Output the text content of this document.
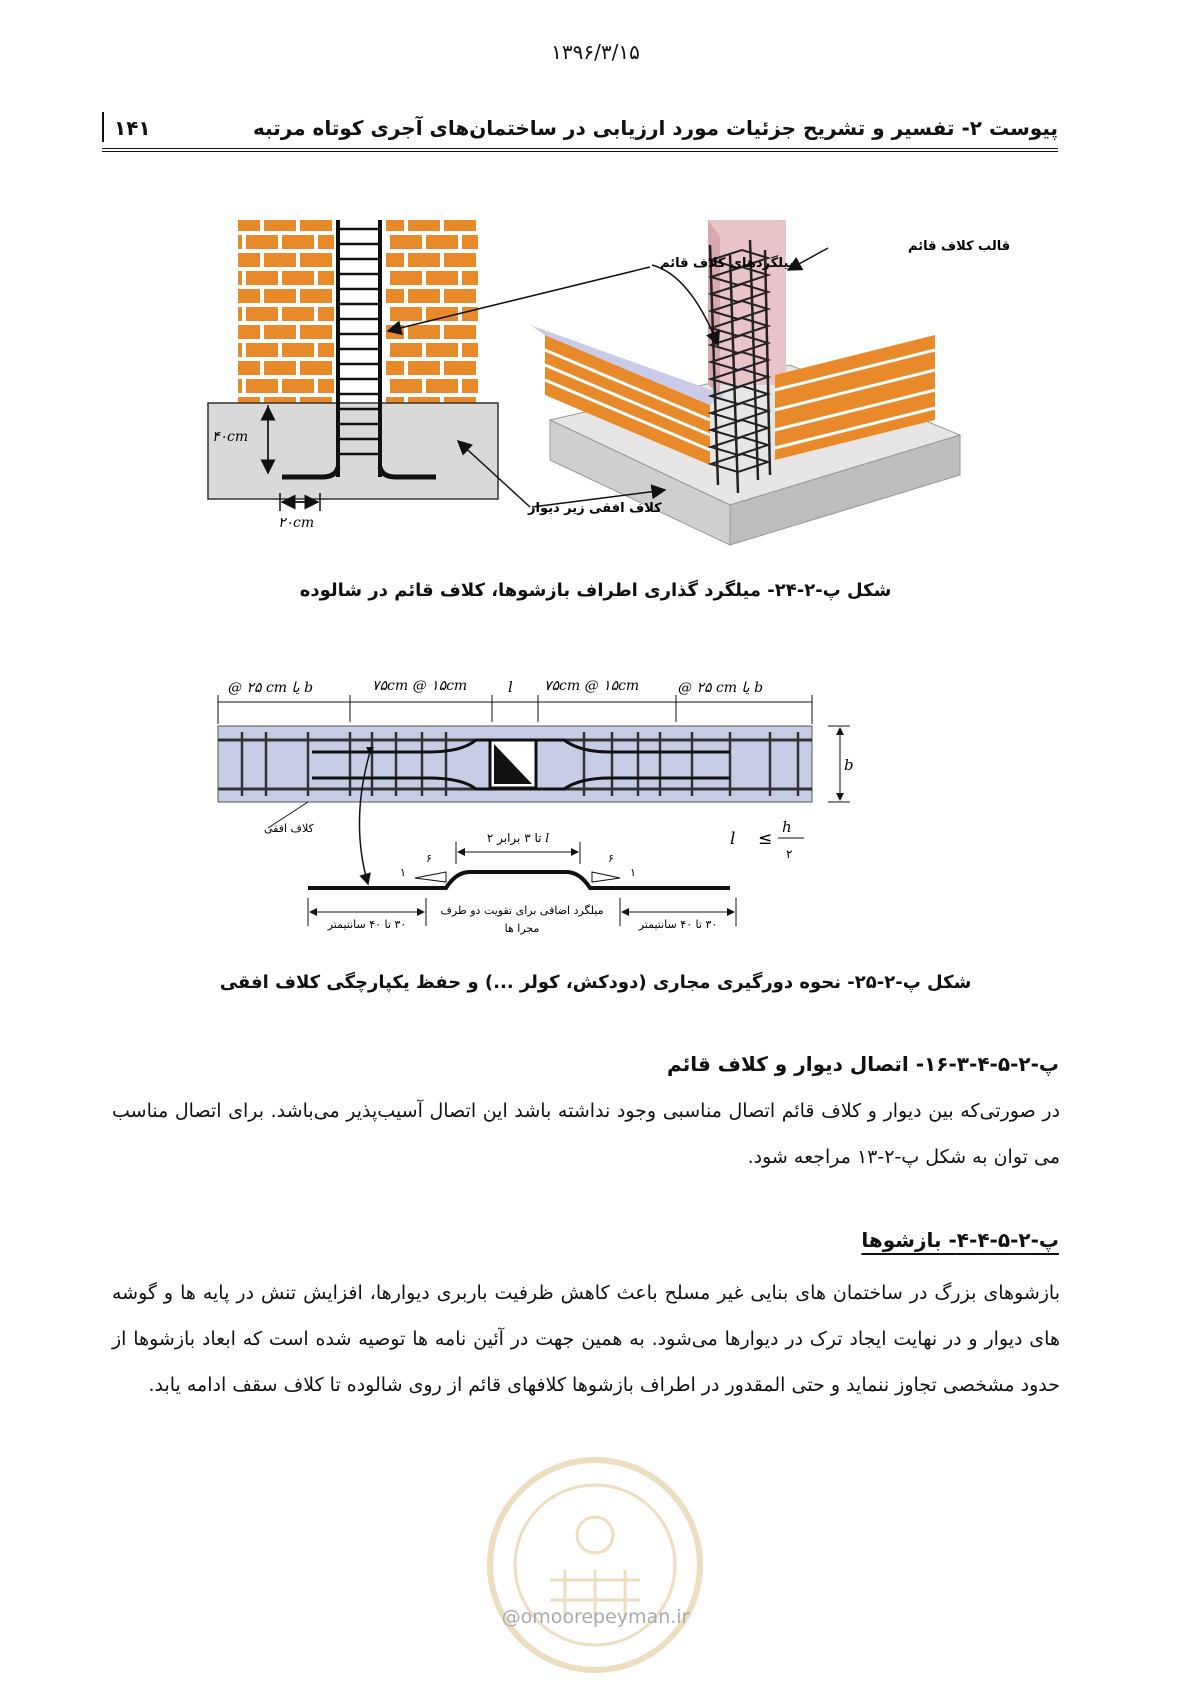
۱۳۹۶/۳/۱۵
۱۴۱	پیوست ۲- تفسیر و تشریح جزئیات مورد ارزیابی در ساختمان‌های آجری کوتاه مرتبه
۴۰cm
۲۰cm
میلگردهای کلاف قائم
قالب کلاف قائم
کلاف افقی زیر دیوار
شکل پ-۲-۲۴- میلگرد گذاری اطراف بازشوها، کلاف قائم در شالوده
@ ۲۵ cm یا b	۷۵cm @ ۱۵cm	l ۷۵cm @ ۱۵cm	@ ۲۵ cm یا b
b
کلاف افقی
l ≤
h
۲
۶
۱
۶
۱
۲ تا ۳ برابر l
۳۰ تا ۴۰ سانتیمتر	۳۰ تا ۴۰ سانتیمتر
میلگرد اضافی برای تقویت دو طرف
مجرا ها
شکل پ-۲-۲۵- نحوه دورگیری مجاری (دودکش، کولر ...) و حفظ یکپارچگی کلاف افقی
پ-۲-۵-۴-۳-۱۶- اتصال دیوار و کلاف قائم
در صورتی‌که بین دیوار و کلاف قائم اتصال مناسبی وجود نداشته باشد این اتصال آسیب‌پذیر می‌باشد. برای اتصال مناسب می توان به شکل پ-۲-۱۳ مراجعه شود.
پ-۲-۵-۴-۴- بازشوها
بازشوهای بزرگ در ساختمان های بنایی غیر مسلح باعث کاهش ظرفیت باربری دیوارها، افزایش تنش در پایه ها و گوشه های دیوار و در نهایت ایجاد ترک در دیوارها می‌شود. به همین جهت در آئین نامه ها توصیه شده است که ابعاد بازشوها از حدود مشخصی تجاوز ننماید و حتی المقدور در اطراف بازشوها کلافهای قائم از روی شالوده تا کلاف سقف ادامه یابد.
@omoorepeyman.ir
